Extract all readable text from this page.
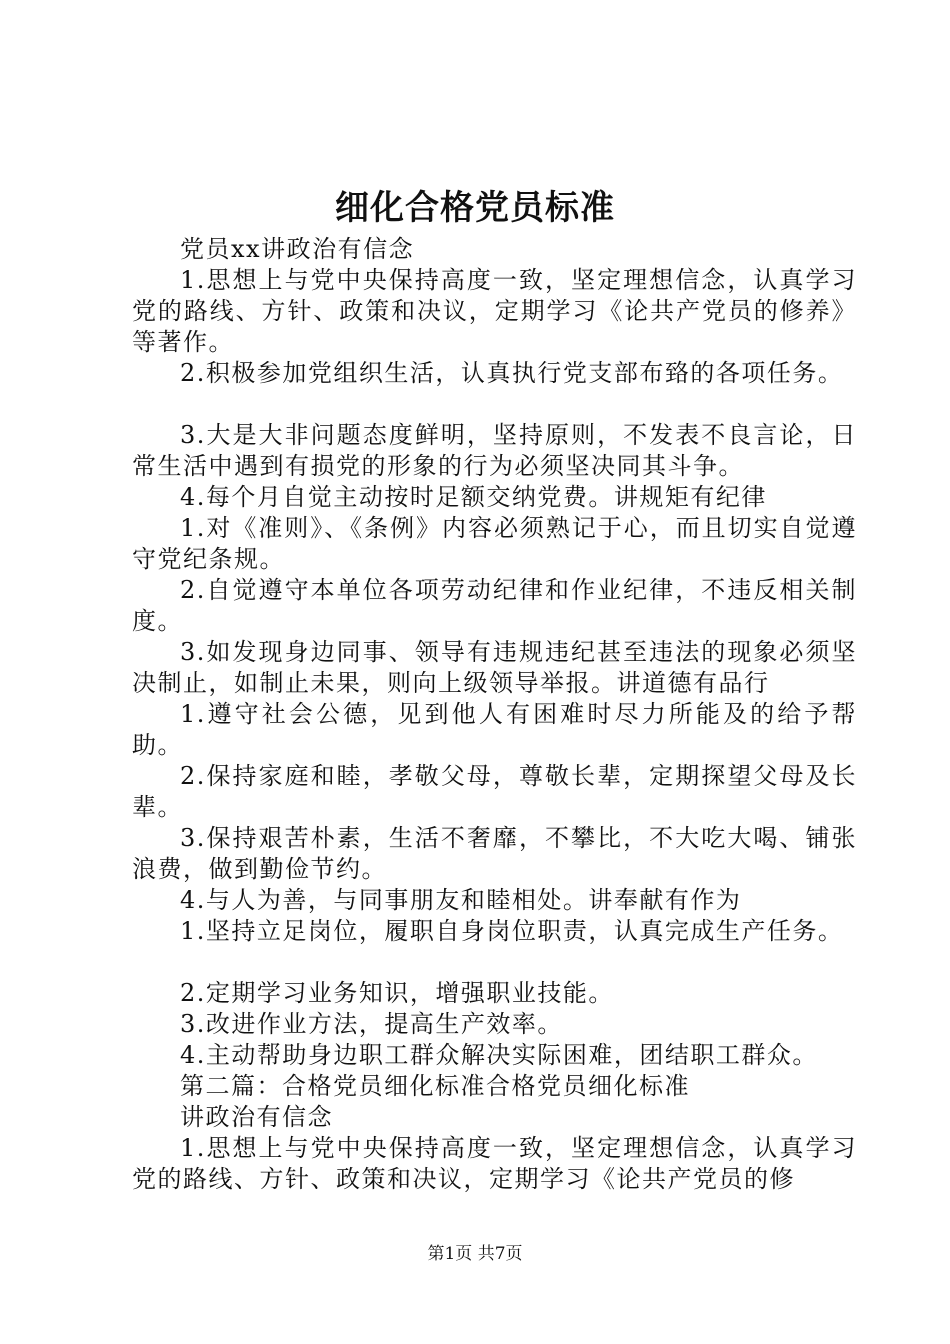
细化合格党员标准

党员xx讲政治有信念

1.思想上与党中央保持高度一致，坚定理想信念，认真学习党的路线、方针、政策和决议，定期学习《论共产党员的修养》等著作。

2.积极参加党组织生活，认真执行党支部布臵的各项任务。

3.大是大非问题态度鲜明，坚持原则，不发表不良言论，日常生活中遇到有损党的形象的行为必须坚决同其斗争。

4.每个月自觉主动按时足额交纳党费。讲规矩有纪律

1.对《准则》、《条例》内容必须熟记于心，而且切实自觉遵守党纪条规。

2.自觉遵守本单位各项劳动纪律和作业纪律，不违反相关制度。

3.如发现身边同事、领导有违规违纪甚至违法的现象必须坚决制止，如制止未果，则向上级领导举报。讲道德有品行

1.遵守社会公德，见到他人有困难时尽力所能及的给予帮助。

2.保持家庭和睦，孝敬父母，尊敬长辈，定期探望父母及长辈。

3.保持艰苦朴素，生活不奢靡，不攀比，不大吃大喝、铺张浪费，做到勤俭节约。

4.与人为善，与同事朋友和睦相处。讲奉献有作为

1.坚持立足岗位，履职自身岗位职责，认真完成生产任务。

2.定期学习业务知识，增强职业技能。

3.改进作业方法，提高生产效率。

4.主动帮助身边职工群众解决实际困难，团结职工群众。

第二篇：合格党员细化标准合格党员细化标准

讲政治有信念

1.思想上与党中央保持高度一致，坚定理想信念，认真学习党的路线、方针、政策和决议，定期学习《论共产党员的修

第1页 共7页
